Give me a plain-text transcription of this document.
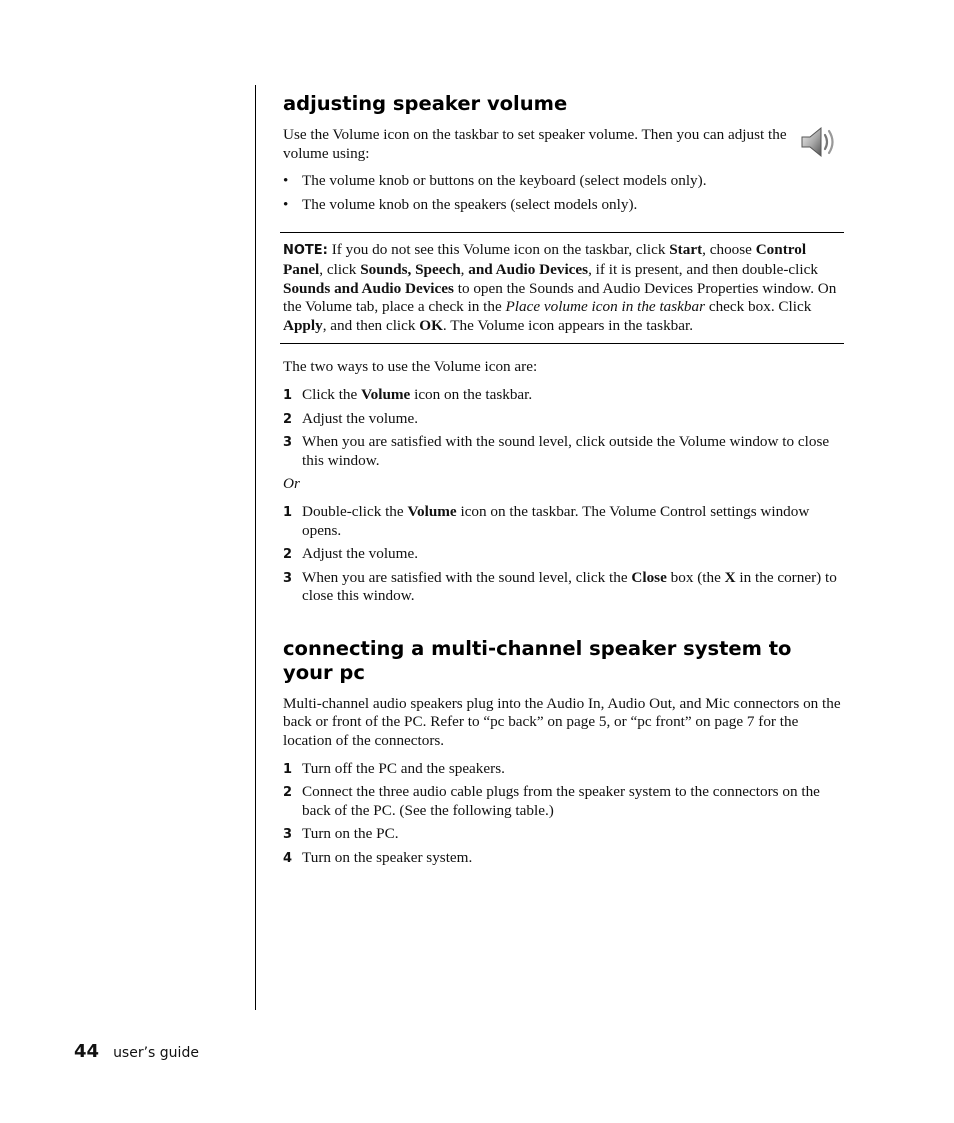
adjusting speaker volume

Use the Volume icon on the taskbar to set speaker volume. Then you can adjust the volume using:

• The volume knob or buttons on the keyboard (select models only).
• The volume knob on the speakers (select models only).

NOTE: If you do not see this Volume icon on the taskbar, click Start, choose Control Panel, click Sounds, Speech, and Audio Devices, if it is present, and then double-click Sounds and Audio Devices to open the Sounds and Audio Devices Properties window. On the Volume tab, place a check in the Place volume icon in the taskbar check box. Click Apply, and then click OK. The Volume icon appears in the taskbar.

The two ways to use the Volume icon are:

1 Click the Volume icon on the taskbar.
2 Adjust the volume.
3 When you are satisfied with the sound level, click outside the Volume window to close this window.

Or

1 Double-click the Volume icon on the taskbar. The Volume Control settings window opens.
2 Adjust the volume.
3 When you are satisfied with the sound level, click the Close box (the X in the corner) to close this window.
connecting a multi-channel speaker system to
your pc

Multi-channel audio speakers plug into the Audio In, Audio Out, and Mic connectors on the back or front of the PC. Refer to “pc back” on page 5, or “pc front” on page 7 for the location of the connectors.

1 Turn off the PC and the speakers.
2 Connect the three audio cable plugs from the speaker system to the connectors on the back of the PC. (See the following table.)
3 Turn on the PC.
4 Turn on the speaker system.
44 user’s guide
